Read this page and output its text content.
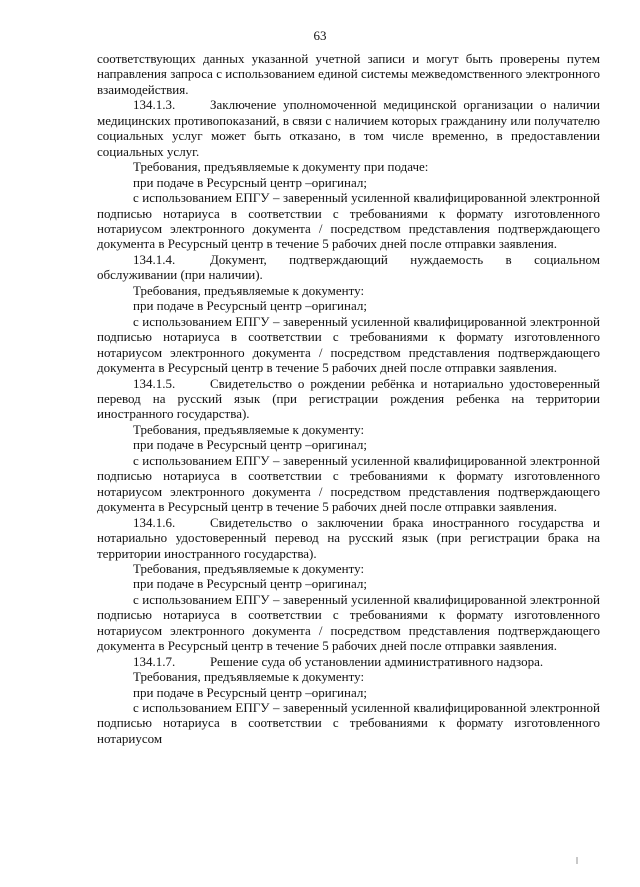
63

соответствующих данных указанной учетной записи и могут быть проверены путем направления запроса с использованием единой системы межведомственного электронного взаимодействия.

134.1.3.	Заключение уполномоченной медицинской организации о наличии медицинских противопоказаний, в связи с наличием которых гражданину или получателю социальных услуг может быть отказано, в том числе временно, в предоставлении социальных услуг.

Требования, предъявляемые к документу при подаче:

при подаче в Ресурсный центр –оригинал;

с использованием ЕПГУ – заверенный усиленной квалифицированной электронной подписью нотариуса в соответствии с требованиями к формату изготовленного нотариусом электронного документа / посредством представления подтверждающего документа в Ресурсный центр в течение 5 рабочих дней после отправки заявления.

134.1.4.	Документ, подтверждающий нуждаемость в социальном обслуживании (при наличии).

Требования, предъявляемые к документу:

при подаче в Ресурсный центр –оригинал;

с использованием ЕПГУ – заверенный усиленной квалифицированной электронной подписью нотариуса в соответствии с требованиями к формату изготовленного нотариусом электронного документа / посредством представления подтверждающего документа в Ресурсный центр в течение 5 рабочих дней после отправки заявления.

134.1.5.	Свидетельство о рождении ребёнка и нотариально удостоверенный перевод на русский язык (при регистрации рождения ребенка на территории иностранного государства).

Требования, предъявляемые к документу:

при подаче в Ресурсный центр –оригинал;

с использованием ЕПГУ – заверенный усиленной квалифицированной электронной подписью нотариуса в соответствии с требованиями к формату изготовленного нотариусом электронного документа / посредством представления подтверждающего документа в Ресурсный центр в течение 5 рабочих дней после отправки заявления.

134.1.6.	Свидетельство о заключении брака иностранного государства и нотариально удостоверенный перевод на русский язык (при регистрации брака на территории иностранного государства).

Требования, предъявляемые к документу:

при подаче в Ресурсный центр –оригинал;

с использованием ЕПГУ – заверенный усиленной квалифицированной электронной подписью нотариуса в соответствии с требованиями к формату изготовленного нотариусом электронного документа / посредством представления подтверждающего документа в Ресурсный центр в течение 5 рабочих дней после отправки заявления.

134.1.7.	Решение суда об установлении административного надзора.

Требования, предъявляемые к документу:

при подаче в Ресурсный центр –оригинал;

с использованием ЕПГУ – заверенный усиленной квалифицированной электронной подписью нотариуса в соответствии с требованиями к формату изготовленного нотариусом
